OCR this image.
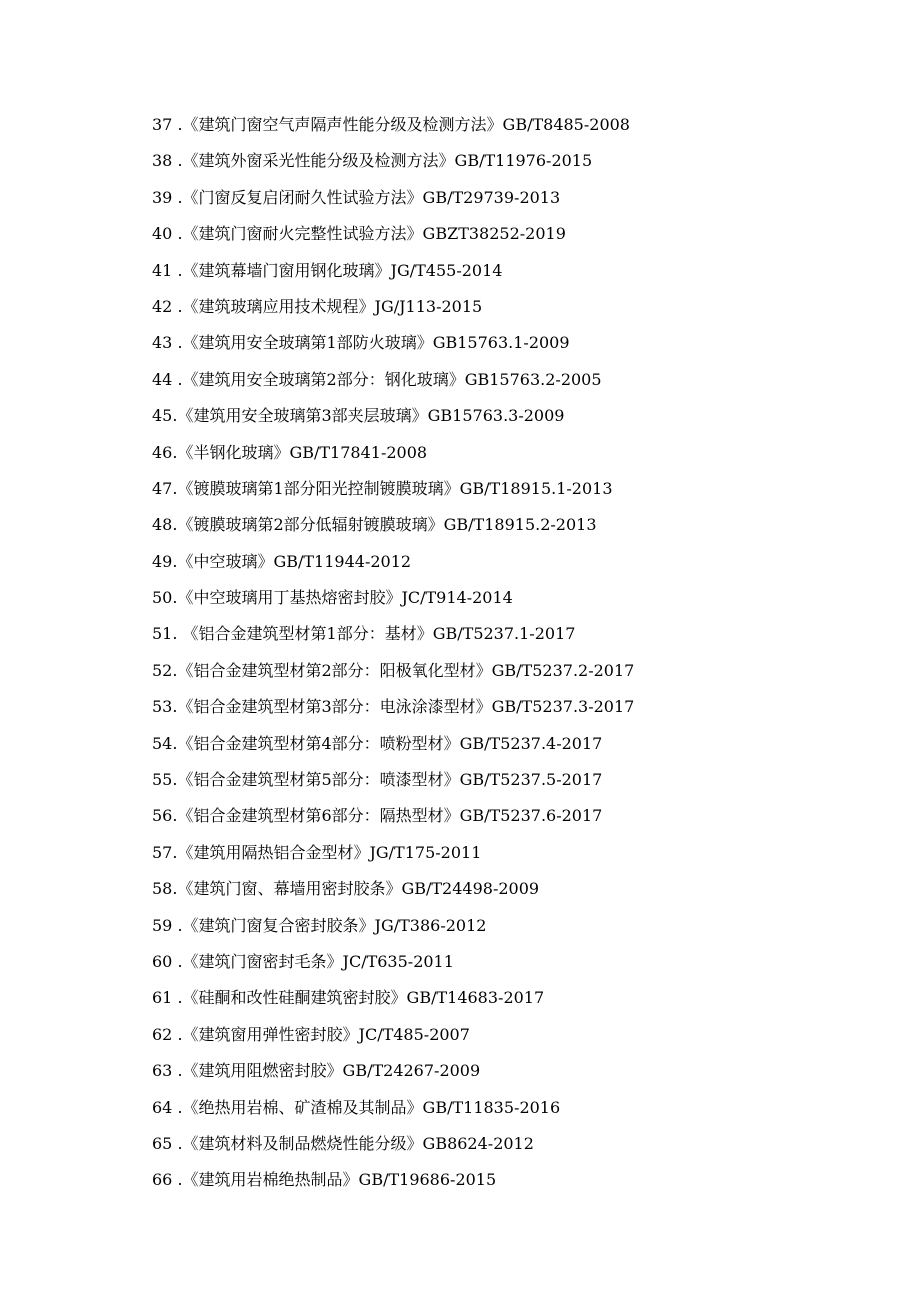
37 .《建筑门窗空气声隔声性能分级及检测方法》GB/T8485-2008
38 .《建筑外窗采光性能分级及检测方法》GB/T11976-2015
39 .《门窗反复启闭耐久性试验方法》GB/T29739-2013
40 .《建筑门窗耐火完整性试验方法》GBZT38252-2019
41 .《建筑幕墙门窗用钢化玻璃》JG/T455-2014
42 .《建筑玻璃应用技术规程》JG/J113-2015
43 .《建筑用安全玻璃第1部防火玻璃》GB15763.1-2009
44 .《建筑用安全玻璃第2部分：钢化玻璃》GB15763.2-2005
45.《建筑用安全玻璃第3部夹层玻璃》GB15763.3-2009
46.《半钢化玻璃》GB/T17841-2008
47.《镀膜玻璃第1部分阳光控制镀膜玻璃》GB/T18915.1-2013
48.《镀膜玻璃第2部分低辐射镀膜玻璃》GB/T18915.2-2013
49.《中空玻璃》GB/T11944-2012
50.《中空玻璃用丁基热熔密封胶》JC/T914-2014
51. 《铝合金建筑型材第1部分：基材》GB/T5237.1-2017
52.《铝合金建筑型材第2部分：阳极氧化型材》GB/T5237.2-2017
53.《铝合金建筑型材第3部分：电泳涂漆型材》GB/T5237.3-2017
54.《铝合金建筑型材第4部分：喷粉型材》GB/T5237.4-2017
55.《铝合金建筑型材第5部分：喷漆型材》GB/T5237.5-2017
56.《铝合金建筑型材第6部分：隔热型材》GB/T5237.6-2017
57.《建筑用隔热铝合金型材》JG/T175-2011
58.《建筑门窗、幕墙用密封胶条》GB/T24498-2009
59 .《建筑门窗复合密封胶条》JG/T386-2012
60 .《建筑门窗密封毛条》JC/T635-2011
61 .《硅酮和改性硅酮建筑密封胶》GB/T14683-2017
62 .《建筑窗用弹性密封胶》JC/T485-2007
63 .《建筑用阻燃密封胶》GB/T24267-2009
64 .《绝热用岩棉、矿渣棉及其制品》GB/T11835-2016
65 .《建筑材料及制品燃烧性能分级》GB8624-2012
66 .《建筑用岩棉绝热制品》GB/T19686-2015
